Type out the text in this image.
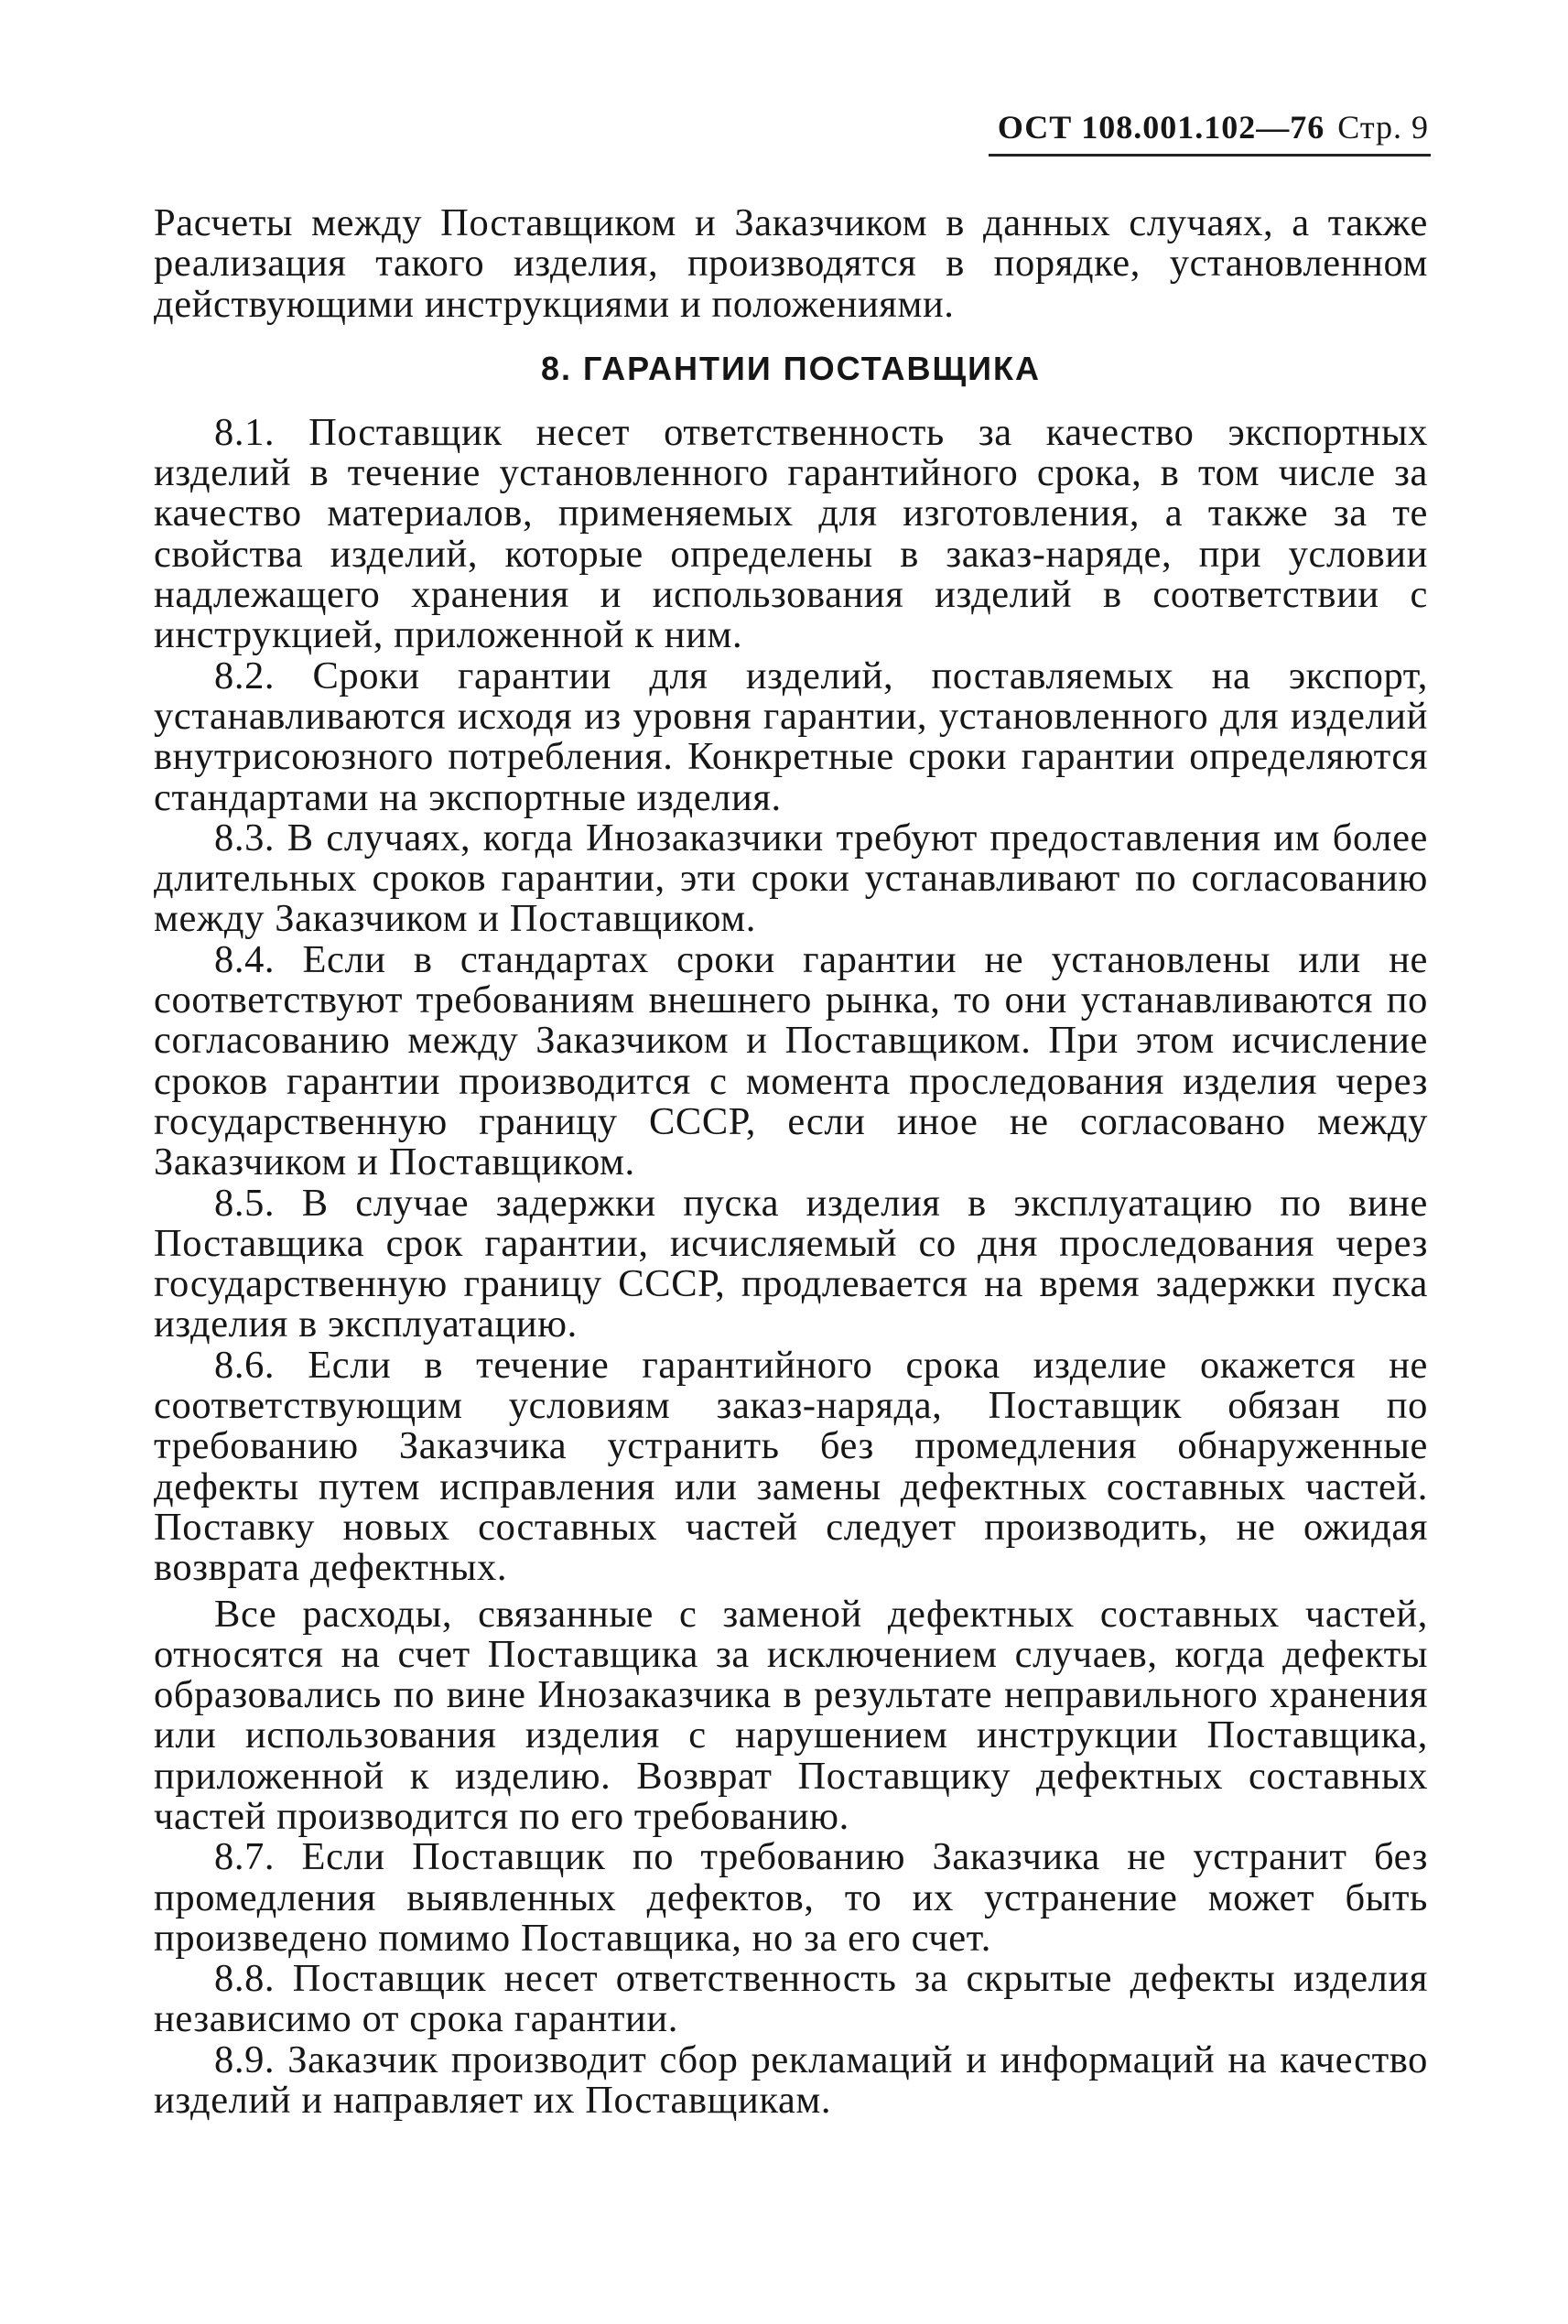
ОСТ 108.001.102—76 Стр. 9

Расчеты между Поставщиком и Заказчиком в данных случаях, а также реализация такого изделия, производятся в порядке, установленном действующими инструкциями и положениями.

8. ГАРАНТИИ ПОСТАВЩИКА

8.1. Поставщик несет ответственность за качество экспортных изделий в течение установленного гарантийного срока, в том числе за качество материалов, применяемых для изготовления, а также за те свойства изделий, которые определены в заказ-наряде, при условии надлежащего хранения и использования изделий в соответствии с инструкцией, приложенной к ним.

8.2. Сроки гарантии для изделий, поставляемых на экспорт, устанавливаются исходя из уровня гарантии, установленного для изделий внутрисоюзного потребления. Конкретные сроки гарантии определяются стандартами на экспортные изделия.

8.3. В случаях, когда Инозаказчики требуют предоставления им более длительных сроков гарантии, эти сроки устанавливают по согласованию между Заказчиком и Поставщиком.

8.4. Если в стандартах сроки гарантии не установлены или не соответствуют требованиям внешнего рынка, то они устанавливаются по согласованию между Заказчиком и Поставщиком. При этом исчисление сроков гарантии производится с момента проследования изделия через государственную границу СССР, если иное не согласовано между Заказчиком и Поставщиком.

8.5. В случае задержки пуска изделия в эксплуатацию по вине Поставщика срок гарантии, исчисляемый со дня проследования через государственную границу СССР, продлевается на время задержки пуска изделия в эксплуатацию.

8.6. Если в течение гарантийного срока изделие окажется не соответствующим условиям заказ-наряда, Поставщик обязан по требованию Заказчика устранить без промедления обнаруженные дефекты путем исправления или замены дефектных составных частей. Поставку новых составных частей следует производить, не ожидая возврата дефектных.

Все расходы, связанные с заменой дефектных составных частей, относятся на счет Поставщика за исключением случаев, когда дефекты образовались по вине Инозаказчика в результате неправильного хранения или использования изделия с нарушением инструкции Поставщика, приложенной к изделию. Возврат Поставщику дефектных составных частей производится по его требованию.

8.7. Если Поставщик по требованию Заказчика не устранит без промедления выявленных дефектов, то их устранение может быть произведено помимо Поставщика, но за его счет.

8.8. Поставщик несет ответственность за скрытые дефекты изделия независимо от срока гарантии.

8.9. Заказчик производит сбор рекламаций и информаций на качество изделий и направляет их Поставщикам.
